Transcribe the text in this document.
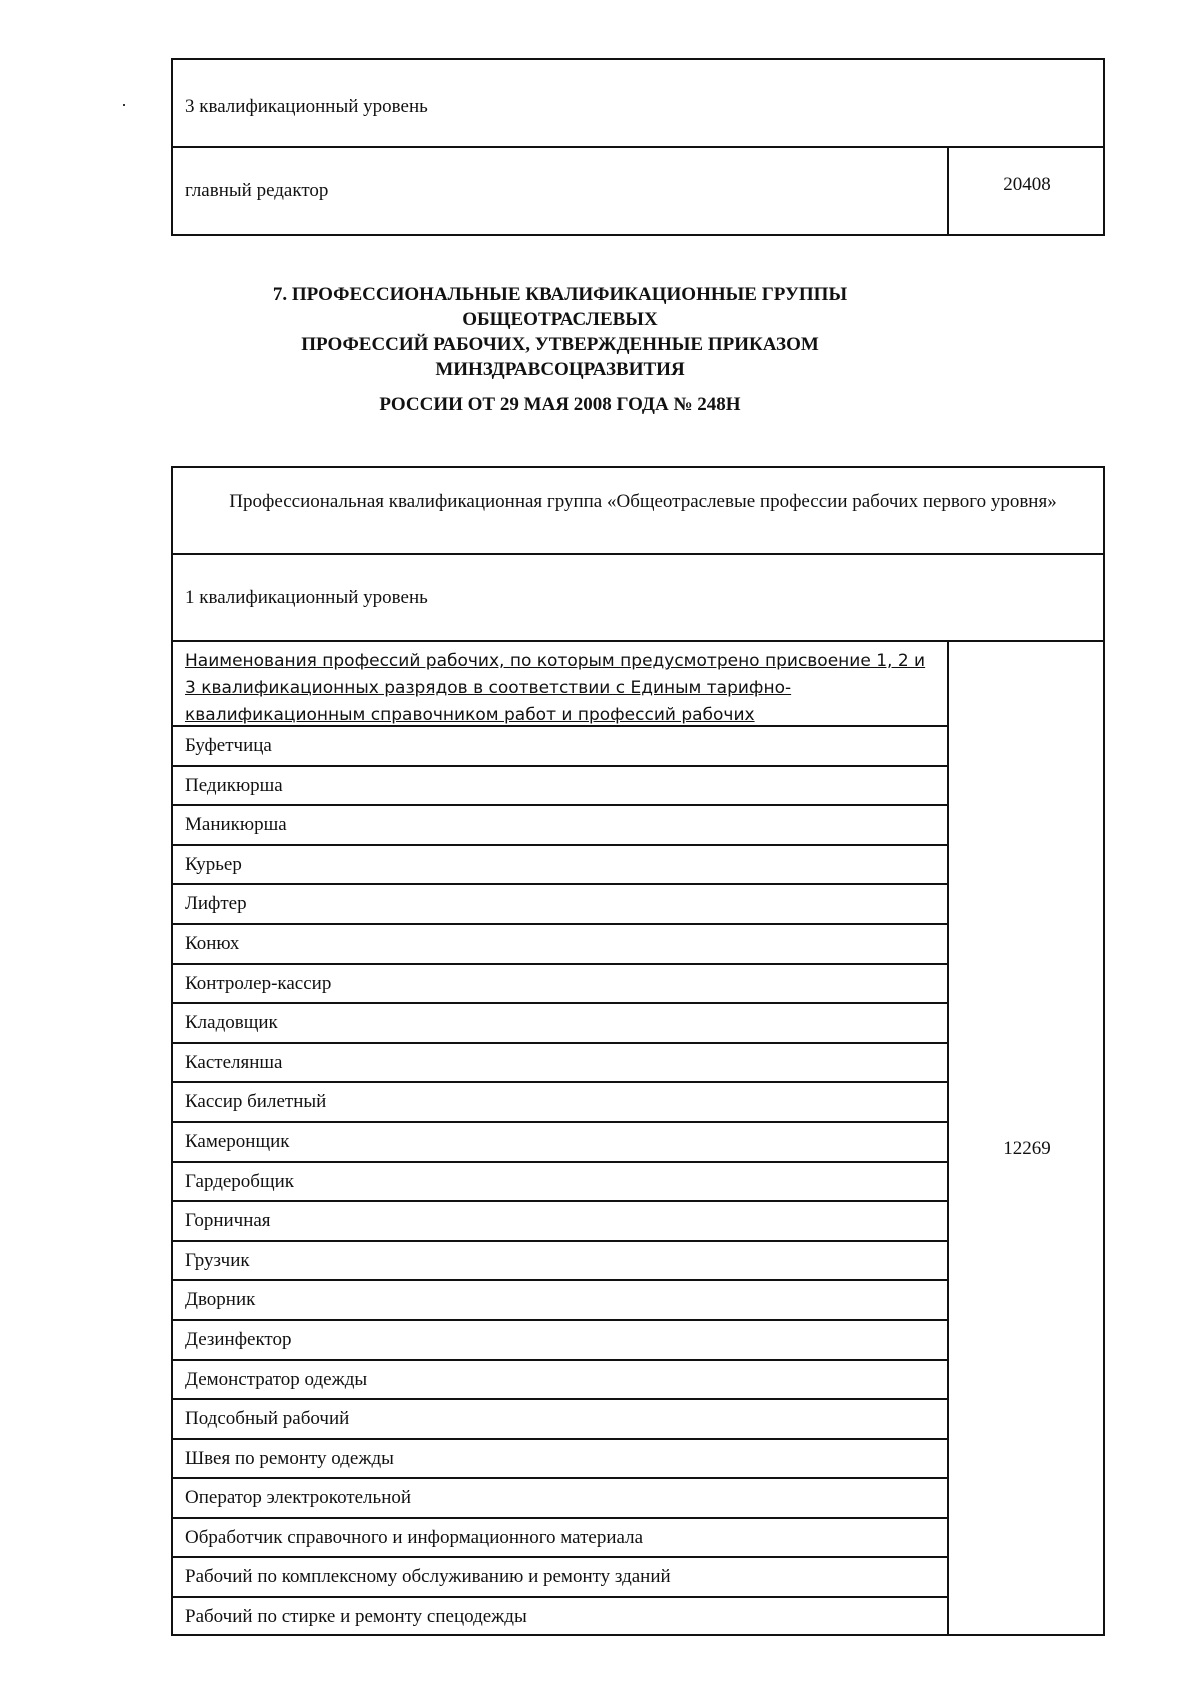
3 квалификационный уровень
главный редактор	20408
7. ПРОФЕССИОНАЛЬНЫЕ КВАЛИФИКАЦИОННЫЕ ГРУППЫ
ОБЩЕОТРАСЛЕВЫХ
ПРОФЕССИЙ РАБОЧИХ, УТВЕРЖДЕННЫЕ ПРИКАЗОМ
МИНЗДРАВСОЦРАЗВИТИЯ
РОССИИ ОТ 29 МАЯ 2008 ГОДА № 248Н
Профессиональная квалификационная группа «Общеотраслевые профессии рабочих первого уровня»
1 квалификационный уровень
Наименования профессий рабочих, по которым предусмотрено присвоение 1, 2 и 3 квалификационных разрядов в соответствии с Единым тарифно-квалификационным справочником работ и профессий рабочих
Буфетчица
Педикюрша
Маникюрша
Курьер
Лифтер
Конюх
Контролер-кассир
Кладовщик
Кастелянша
Кассир билетный
Камеронщик
Гардеробщик
Горничная
Грузчик
Дворник
Дезинфектор
Демонстратор одежды
Подсобный рабочий
Швея по ремонту одежды
Оператор электрокотельной
Обработчик справочного и информационного материала
Рабочий по комплексному обслуживанию и ремонту зданий
Рабочий по стирке и ремонту спецодежды
12269
